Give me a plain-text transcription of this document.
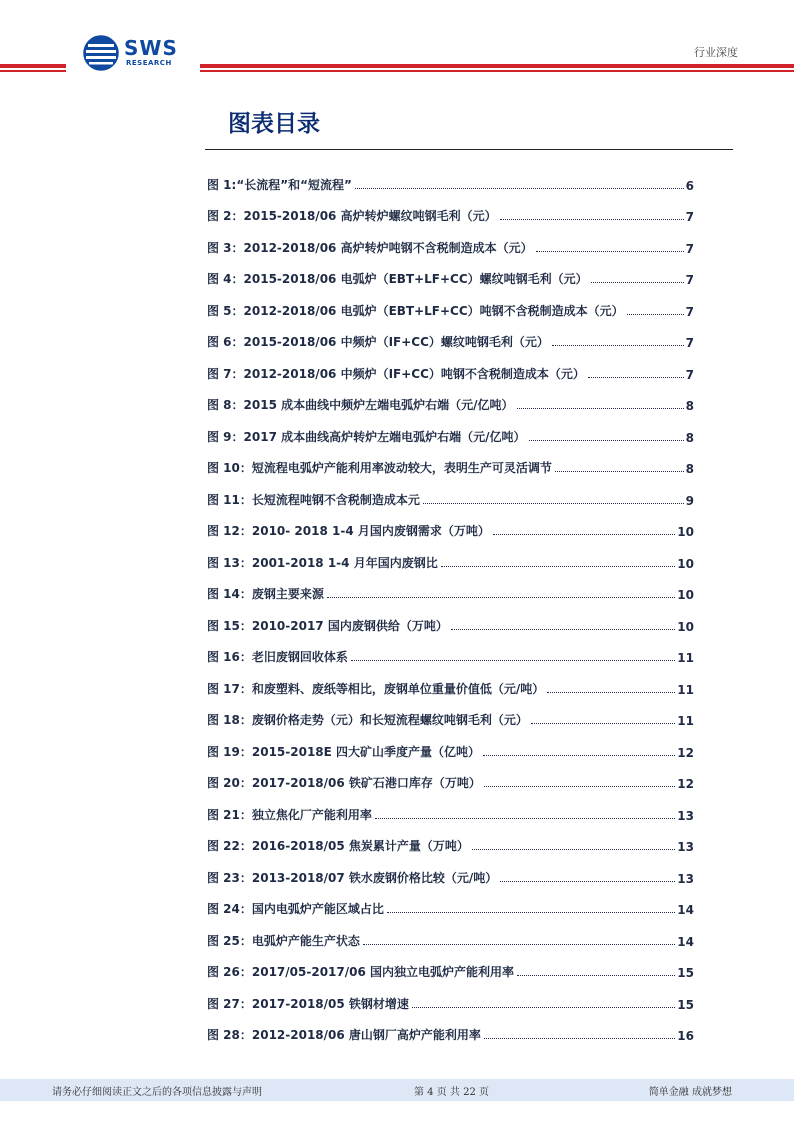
SWS
RESEARCH
行业深度
图表目录
图 1:“长流程”和“短流程”	6
图 2：2015-2018/06 高炉转炉螺纹吨钢毛利（元）	7
图 3：2012-2018/06 高炉转炉吨钢不含税制造成本（元）	7
图 4：2015-2018/06 电弧炉（EBT+LF+CC）螺纹吨钢毛利（元）	7
图 5：2012-2018/06 电弧炉（EBT+LF+CC）吨钢不含税制造成本（元）	7
图 6：2015-2018/06 中频炉（IF+CC）螺纹吨钢毛利（元）	7
图 7：2012-2018/06 中频炉（IF+CC）吨钢不含税制造成本（元）	7
图 8：2015 成本曲线中频炉左端电弧炉右端（元/亿吨）	8
图 9：2017 成本曲线高炉转炉左端电弧炉右端（元/亿吨）	8
图 10：短流程电弧炉产能利用率波动较大，表明生产可灵活调节	8
图 11：长短流程吨钢不含税制造成本元	9
图 12：2010- 2018 1-4 月国内废钢需求（万吨）	10
图 13：2001-2018 1-4 月年国内废钢比	10
图 14：废钢主要来源	10
图 15：2010-2017 国内废钢供给（万吨）	10
图 16：老旧废钢回收体系	11
图 17：和废塑料、废纸等相比，废钢单位重量价值低（元/吨）	11
图 18：废钢价格走势（元）和长短流程螺纹吨钢毛利（元）	11
图 19：2015-2018E 四大矿山季度产量（亿吨）	12
图 20：2017-2018/06 铁矿石港口库存（万吨）	12
图 21：独立焦化厂产能利用率	13
图 22：2016-2018/05 焦炭累计产量（万吨）	13
图 23：2013-2018/07 铁水废钢价格比较（元/吨）	13
图 24：国内电弧炉产能区域占比	14
图 25：电弧炉产能生产状态	14
图 26：2017/05-2017/06 国内独立电弧炉产能利用率	15
图 27：2017-2018/05 铁钢材增速	15
图 28：2012-2018/06 唐山钢厂高炉产能利用率	16
请务必仔细阅读正文之后的各项信息披露与声明	第 4 页 共 22 页	简单金融 成就梦想
